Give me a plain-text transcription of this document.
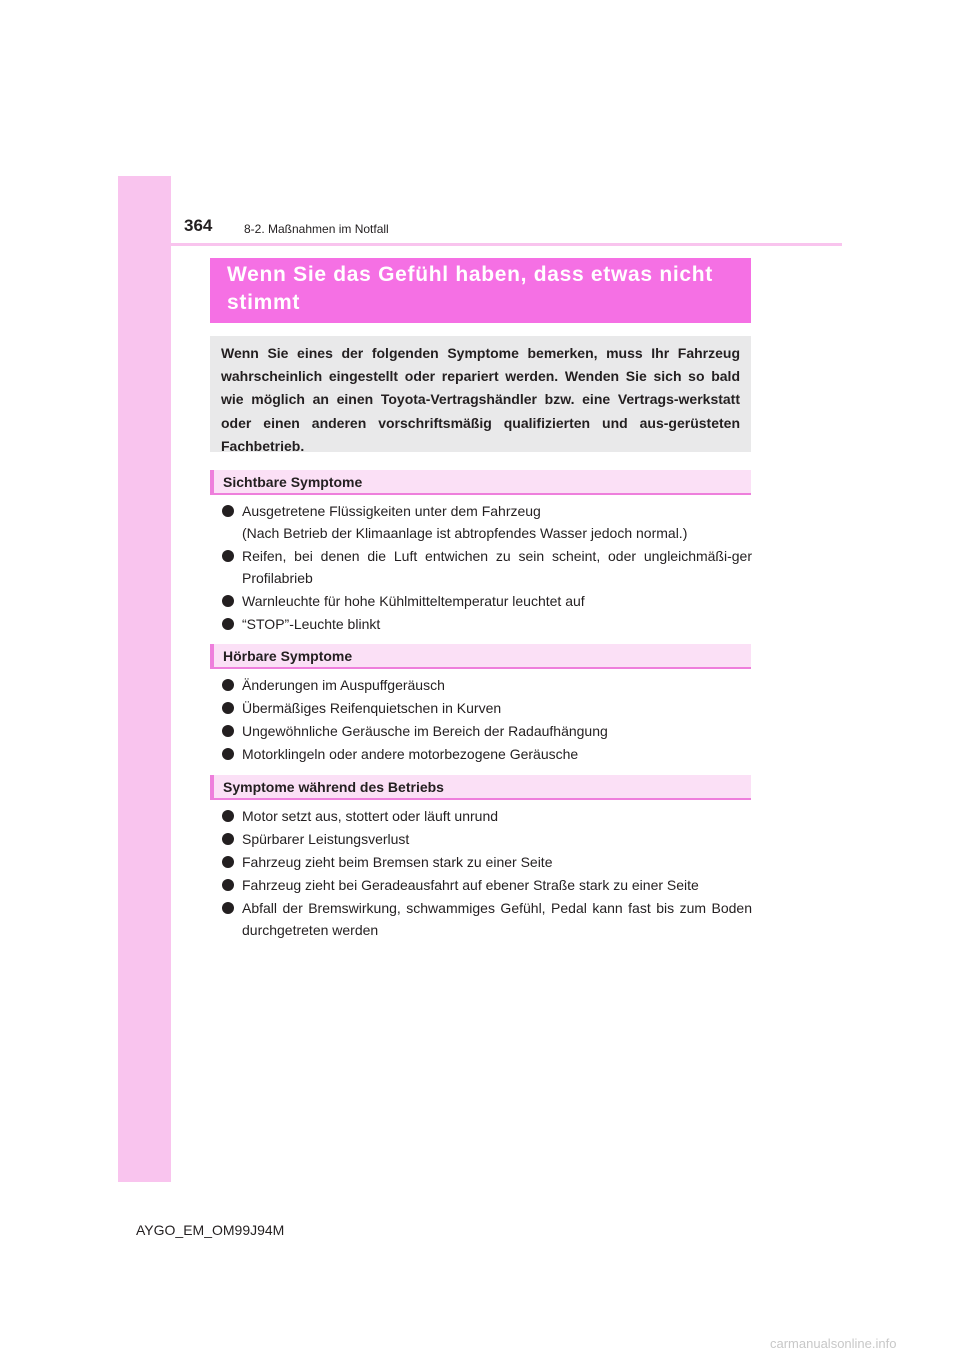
364	8-2. Maßnahmen im Notfall
Wenn Sie das Gefühl haben, dass etwas nicht stimmt

Wenn Sie eines der folgenden Symptome bemerken, muss Ihr Fahrzeug wahrscheinlich eingestellt oder repariert werden. Wenden Sie sich so bald wie möglich an einen Toyota-Vertragshändler bzw. eine Vertrags-werkstatt oder einen anderen vorschriftsmäßig qualifizierten und aus-gerüsteten Fachbetrieb.

Sichtbare Symptome
Ausgetretene Flüssigkeiten unter dem Fahrzeug
(Nach Betrieb der Klimaanlage ist abtropfendes Wasser jedoch normal.)
Reifen, bei denen die Luft entwichen zu sein scheint, oder ungleichmäßi-ger Profilabrieb
Warnleuchte für hohe Kühlmitteltemperatur leuchtet auf
“STOP”-Leuchte blinkt
Hörbare Symptome
Änderungen im Auspuffgeräusch
Übermäßiges Reifenquietschen in Kurven
Ungewöhnliche Geräusche im Bereich der Radaufhängung
Motorklingeln oder andere motorbezogene Geräusche
Symptome während des Betriebs
Motor setzt aus, stottert oder läuft unrund
Spürbarer Leistungsverlust
Fahrzeug zieht beim Bremsen stark zu einer Seite
Fahrzeug zieht bei Geradeausfahrt auf ebener Straße stark zu einer Seite
Abfall der Bremswirkung, schwammiges Gefühl, Pedal kann fast bis zum Boden durchgetreten werden
AYGO_EM_OM99J94M
carmanualsonline.info
